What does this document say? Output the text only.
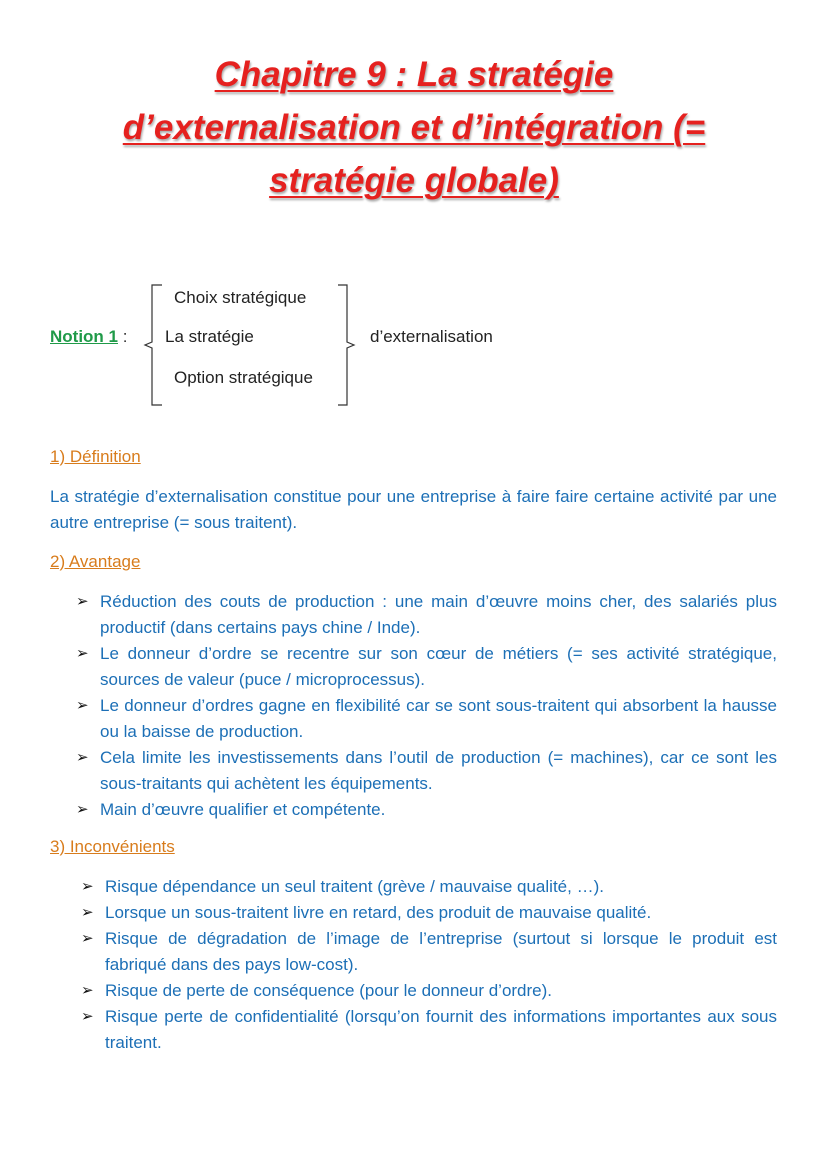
Chapitre 9 : La stratégie
d’externalisation et d’intégration (=
stratégie globale)
Notion 1 :
Choix stratégique
La stratégie
Option stratégique
d’externalisation
1) Définition

La stratégie d’externalisation constitue pour une entreprise à faire faire certaine activité par une autre entreprise (= sous traitent).

2) Avantage
➢ Réduction des couts de production : une main d’œuvre moins cher, des salariés plus productif (dans certains pays chine / Inde).
➢ Le donneur d’ordre se recentre sur son cœur de métiers (= ses activité stratégique, sources de valeur (puce / microprocessus).
➢ Le donneur d’ordres gagne en flexibilité car se sont sous-traitent qui absorbent la hausse ou la baisse de production.
➢ Cela limite les investissements dans l’outil de production (= machines), car ce sont les sous-traitants qui achètent les équipements.
➢ Main d’œuvre qualifier et compétente.
3) Inconvénients
➢ Risque dépendance un seul traitent (grève / mauvaise qualité, …).
➢ Lorsque un sous-traitent livre en retard, des produit de mauvaise qualité.
➢ Risque de dégradation de l’image de l’entreprise (surtout si lorsque le produit est fabriqué dans des pays low-cost).
➢ Risque de perte de conséquence (pour le donneur d’ordre).
➢ Risque perte de confidentialité (lorsqu’on fournit des informations importantes aux sous traitent.
